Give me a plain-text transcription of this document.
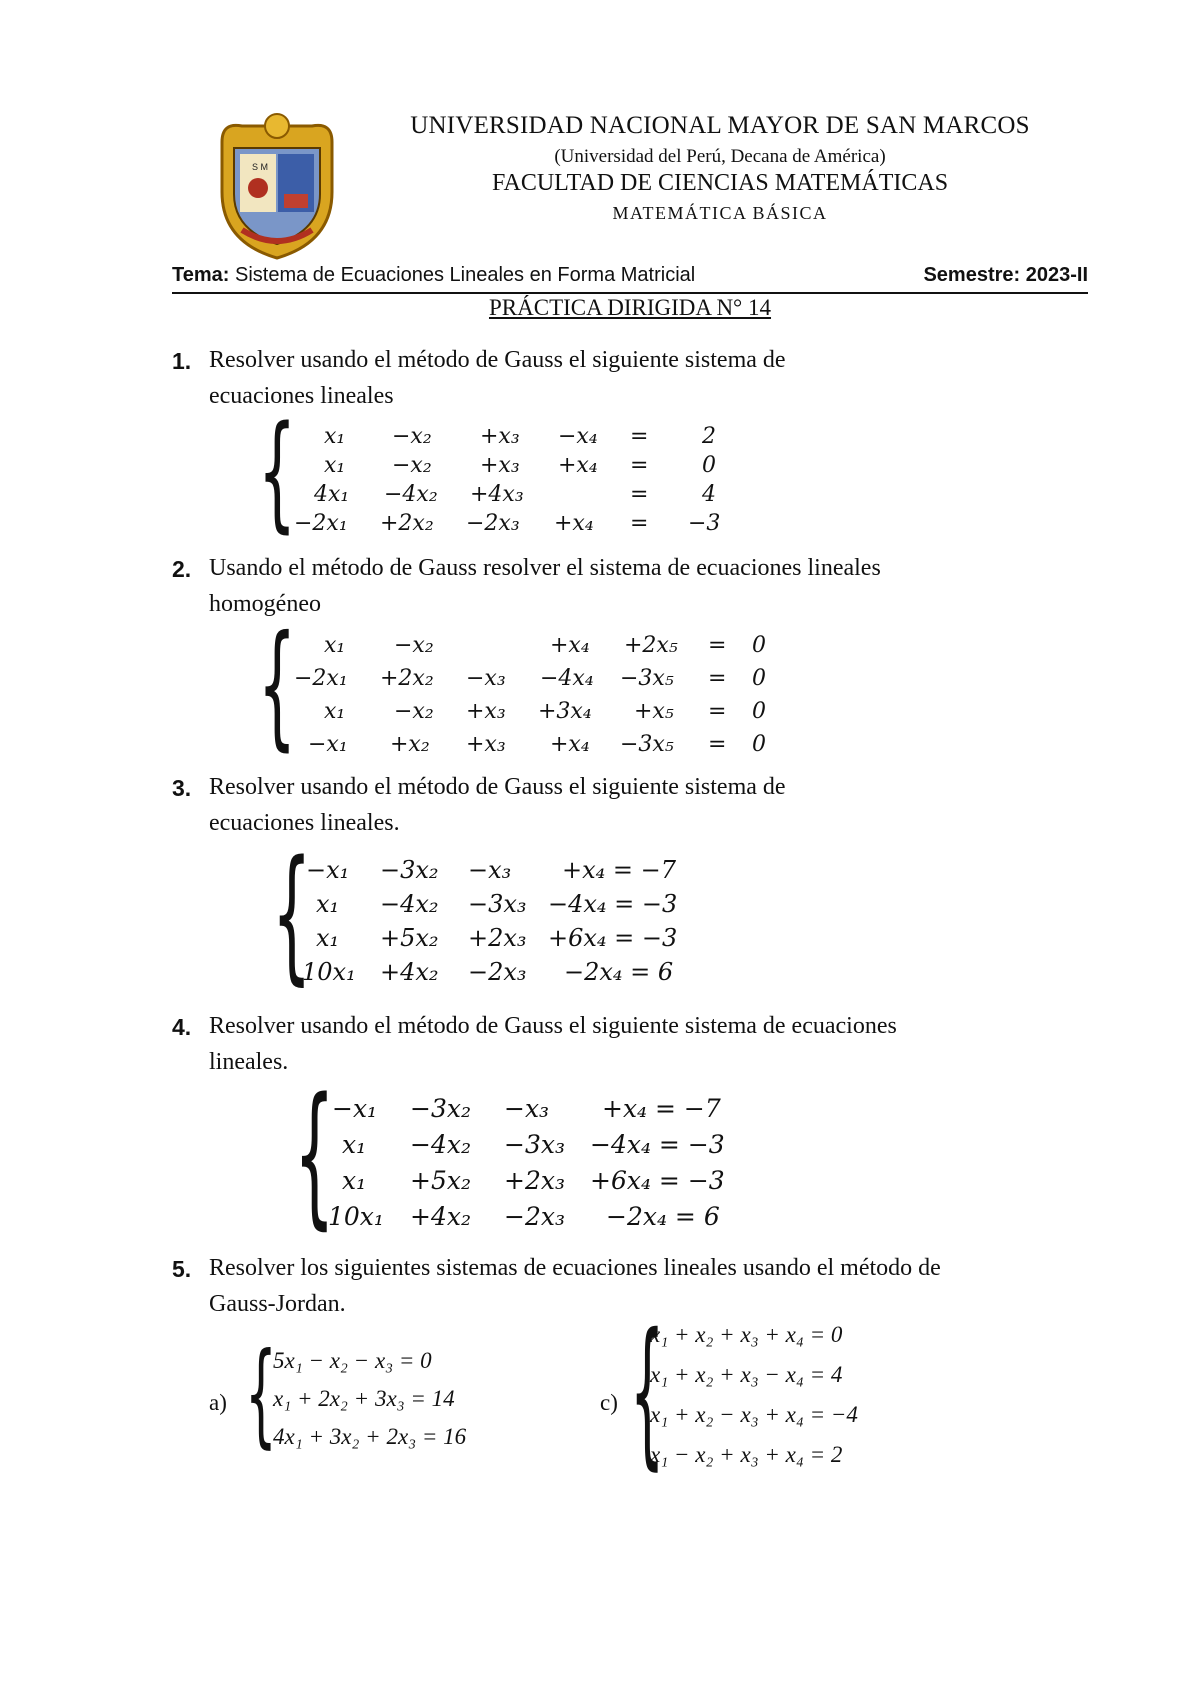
S M
UNIVERSIDAD NACIONAL MAYOR DE SAN MARCOS
(Universidad del Perú, Decana de América)
FACULTAD DE CIENCIAS MATEMÁTICAS
MATEMÁTICA BÁSICA
Tema: Sistema de Ecuaciones Lineales en Forma Matricial	Semestre: 2023-II
PRÁCTICA DIRIGIDA N° 14
1. Resolver usando el método de Gauss el siguiente sistema de
ecuaciones lineales
{ x₁ −x₂ +x₃ −x₄ = 2
x₁ −x₂ +x₃ +x₄ = 0
4x₁ −4x₂ +4x₃	= 4
−2x₁ +2x₂ −2x₃ +x₄ = −3
2. Usando el método de Gauss resolver el sistema de ecuaciones lineales
homogéneo
{ x₁ −x₂	+x₄ +2x₅ = 0
−2x₁ +2x₂ −x₃ −4x₄ −3x₅ = 0
x₁ −x₂ +x₃ +3x₄ +x₅ = 0
−x₁ +x₂ +x₃ +x₄ −3x₅ = 0
3. Resolver usando el método de Gauss el siguiente sistema de
ecuaciones lineales.
{
−x₁ −3x₂ −x₃ +x₄ = −7
x₁ −4x₂ −3x₃ −4x₄ = −3
x₁ +5x₂ +2x₃ +6x₄ = −3
10x₁ +4x₂ −2x₃ −2x₄ = 6
4. Resolver usando el método de Gauss el siguiente sistema de ecuaciones
lineales.
{
−x₁ −3x₂ −x₃ +x₄ = −7
x₁ −4x₂ −3x₃ −4x₄ = −3
x₁ +5x₂ +2x₃ +6x₄ = −3
10x₁ +4x₂ −2x₃ −2x₄ = 6
5. Resolver los siguientes sistemas de ecuaciones lineales usando el método de
Gauss-Jordan.
a) {
5x₁ − x₂ − x₃ = 0
x₁ + 2x₂ + 3x₃ = 14
4x₁ + 3x₂ + 2x₃ = 16
c) {
x₁ + x₂ + x₃ + x₄ = 0
x₁ + x₂ + x₃ − x₄ = 4
x₁ + x₂ − x₃ + x₄ = −4
x₁ − x₂ + x₃ + x₄ = 2
